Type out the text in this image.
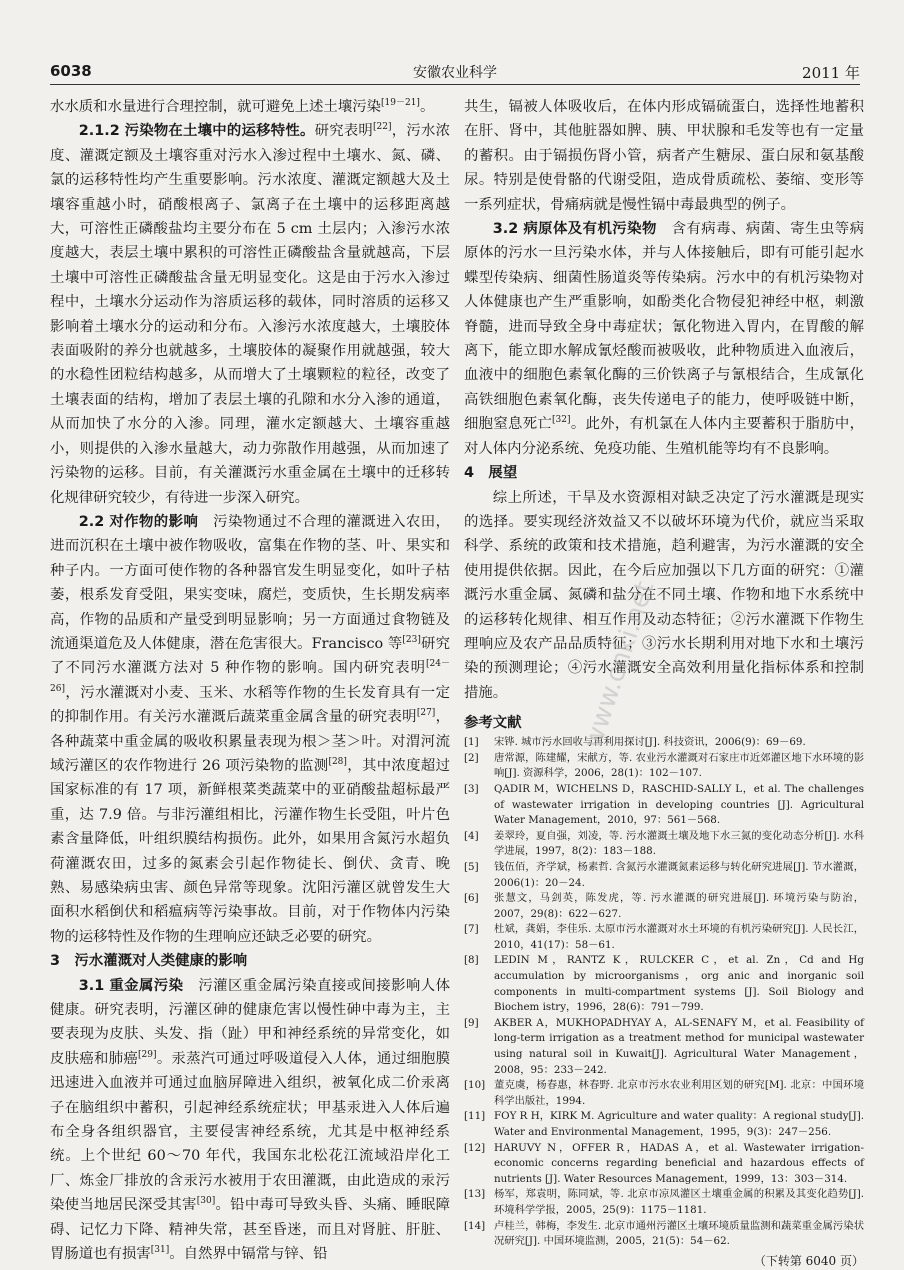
6038	安徽农业科学	2011 年

水水质和水量进行合理控制，就可避免上述土壤污染[19－21]。

2.1.2 污染物在土壤中的运移特性。研究表明[22]，污水浓度、灌溉定额及土壤容重对污水入渗过程中土壤水、氮、磷、氯的运移特性均产生重要影响。污水浓度、灌溉定额越大及土壤容重越小时，硝酸根离子、氯离子在土壤中的运移距离越大，可溶性正磷酸盐均主要分布在 5 cm 土层内；入渗污水浓度越大，表层土壤中累积的可溶性正磷酸盐含量就越高，下层土壤中可溶性正磷酸盐含量无明显变化。这是由于污水入渗过程中，土壤水分运动作为溶质运移的载体，同时溶质的运移又影响着土壤水分的运动和分布。入渗污水浓度越大，土壤胶体表面吸附的养分也就越多，土壤胶体的凝聚作用就越强，较大的水稳性团粒结构越多，从而增大了土壤颗粒的粒径，改变了土壤表面的结构，增加了表层土壤的孔隙和水分入渗的通道，从而加快了水分的入渗。同理，灌水定额越大、土壤容重越小，则提供的入渗水量越大，动力弥散作用越强，从而加速了污染物的运移。目前，有关灌溉污水重金属在土壤中的迁移转化规律研究较少，有待进一步深入研究。

2.2 对作物的影响　 污染物通过不合理的灌溉进入农田，进而沉积在土壤中被作物吸收，富集在作物的茎、叶、果实和种子内。一方面可使作物的各种器官发生明显变化，如叶子枯萎，根系发育受阻，果实变味，腐烂，变质快，生长期发病率高，作物的品质和产量受到明显影响；另一方面通过食物链及流通渠道危及人体健康，潜在危害很大。Francisco 等[23]研究了不同污水灌溉方法对 5 种作物的影响。国内研究表明[24－26]，污水灌溉对小麦、玉米、水稻等作物的生长发育具有一定的抑制作用。有关污水灌溉后蔬菜重金属含量的研究表明[27]，各种蔬菜中重金属的吸收积累量表现为根＞茎＞叶。对渭河流域污灌区的农作物进行 26 项污染物的监测[28]，其中浓度超过国家标准的有 17 项，新鲜根菜类蔬菜中的亚硝酸盐超标最严重，达 7.9 倍。与非污灌组相比，污灌作物生长受阻，叶片色素含量降低，叶组织膜结构损伤。此外，如果用含氮污水超负荷灌溉农田，过多的氮素会引起作物徒长、倒伏、贪青、晚熟、易感染病虫害、颜色异常等现象。沈阳污灌区就曾发生大面积水稻倒伏和稻瘟病等污染事故。目前，对于作物体内污染物的运移特性及作物的生理响应还缺乏必要的研究。

3　 污水灌溉对人类健康的影响

3.1 重金属污染　 污灌区重金属污染直接或间接影响人体健康。研究表明，污灌区砷的健康危害以慢性砷中毒为主，主要表现为皮肤、头发、指（趾）甲和神经系统的异常变化，如皮肤癌和肺癌[29]。汞蒸汽可通过呼吸道侵入人体，通过细胞膜迅速进入血液并可通过血脑屏障进入组织，被氧化成二价汞离子在脑组织中蓄积，引起神经系统症状；甲基汞进入人体后遍布全身各组织器官，主要侵害神经系统，尤其是中枢神经系统。上个世纪 60～70 年代，我国东北松花江流域沿岸化工厂、炼金厂排放的含汞污水被用于农田灌溉，由此造成的汞污染使当地居民深受其害[30]。铅中毒可导致头昏、头痛、睡眠障碍、记忆力下降、精神失常，甚至昏迷，而且对肾脏、肝脏、胃肠道也有损害[31]。自然界中镉常与锌、铅

共生，镉被人体吸收后，在体内形成镉硫蛋白，选择性地蓄积在肝、肾中，其他脏器如脾、胰、甲状腺和毛发等也有一定量的蓄积。由于镉损伤肾小管，病者产生糖尿、蛋白尿和氨基酸尿。特别是使骨骼的代谢受阻，造成骨质疏松、萎缩、变形等一系列症状，骨痛病就是慢性镉中毒最典型的例子。

3.2 病原体及有机污染物　 含有病毒、病菌、寄生虫等病原体的污水一旦污染水体，并与人体接触后，即有可能引起水蝶型传染病、细菌性肠道炎等传染病。污水中的有机污染物对人体健康也产生严重影响，如酚类化合物侵犯神经中枢，刺激脊髓，进而导致全身中毒症状；氰化物进入胃内，在胃酸的解离下，能立即水解成氰烃酸而被吸收，此种物质进入血液后，血液中的细胞色素氧化酶的三价铁离子与氰根结合，生成氰化高铁细胞色素氧化酶，丧失传递电子的能力，使呼吸链中断，细胞窒息死亡[32]。此外，有机氯在人体内主要蓄积于脂肪中，对人体内分泌系统、免疫功能、生殖机能等均有不良影响。

4　 展望

综上所述，干旱及水资源相对缺乏决定了污水灌溉是现实的选择。要实现经济效益又不以破坏环境为代价，就应当采取科学、系统的政策和技术措施，趋利避害，为污水灌溉的安全使用提供依据。因此，在今后应加强以下几方面的研究：①灌溉污水重金属、氮磷和盐分在不同土壤、作物和地下水系统中的运移转化规律、相互作用及动态特征；②污水灌溉下作物生理响应及农产品品质特征；③污水长期利用对地下水和土壤污染的预测理论；④污水灌溉安全高效利用量化指标体系和控制措施。

参考文献
[1] 宋铧. 城市污水回收与再利用探讨[J]. 科技资讯，2006(9)：69－69.
[2] 唐常源，陈建耀，宋献方，等. 农业污水灌溉对石家庄市近郊灌区地下水环境的影响[J]. 资源科学，2006，28(1)：102－107.
[3] QADIR M，WICHELNS D，RASCHID-SALLY L，et al. The challenges of wastewater irrigation in developing countries [J]. Agricultural Water Management，2010，97：561－568.
[4] 姜翠玲，夏自强，刘凌，等. 污水灌溉土壤及地下水三氮的变化动态分析[J]. 水科学进展，1997，8(2)：183－188.
[5] 钱伍佰，齐学斌，杨素哲. 含氮污水灌溉氮素运移与转化研究进展[J]. 节水灌溉，2006(1)：20－24.
[6] 张慧文，马剑英，陈发虎，等. 污水灌溉的研究进展[J]. 环境污染与防治，2007，29(8)：622－627.
[7] 杜斌，龚娟，李佳乐. 太原市污水灌溉对水土环境的有机污染研究[J]. 人民长江，2010，41(17)：58－61.
[8] LEDIN M，RANTZ K，RULCKER C，et al. Zn，Cd and Hg accumulation by microorganisms，org anic and inorganic soil components in multi-compartment systems [J]. Soil Biology and Biochem istry，1996，28(6)：791－799.
[9] AKBER A，MUKHOPADHYAY A，AL-SENAFY M，et al. Feasibility of long-term irrigation as a treatment method for municipal wastewater using natural soil in Kuwait[J]. Agricultural Water Management，2008，95：233－242.
[10] 董克虞，杨春惠，林春野. 北京市污水农业利用区划的研究[M]. 北京：中国环境科学出版社，1994.
[11] FOY R H，KIRK M. Agriculture and water quality：A regional study[J]. Water and Environmental Management，1995，9(3)：247－256.
[12] HARUVY N，OFFER R，HADAS A，et al. Wastewater irrigation-economic concerns regarding beneficial and hazardous effects of nutrients [J]. Water Resources Management，1999，13：303－314.
[13] 杨军，郑袁明，陈同斌，等. 北京市凉凤灌区土壤重金属的积累及其变化趋势[J]. 环境科学学报，2005，25(9)：1175－1181.
[14] 卢桂兰，韩梅，李发生. 北京市通州污灌区土壤环境质量监测和蔬菜重金属污染状况研究[J]. 中国环境监测，2005，21(5)：54－62.
（下转第 6040 页）
www.cnki.net
